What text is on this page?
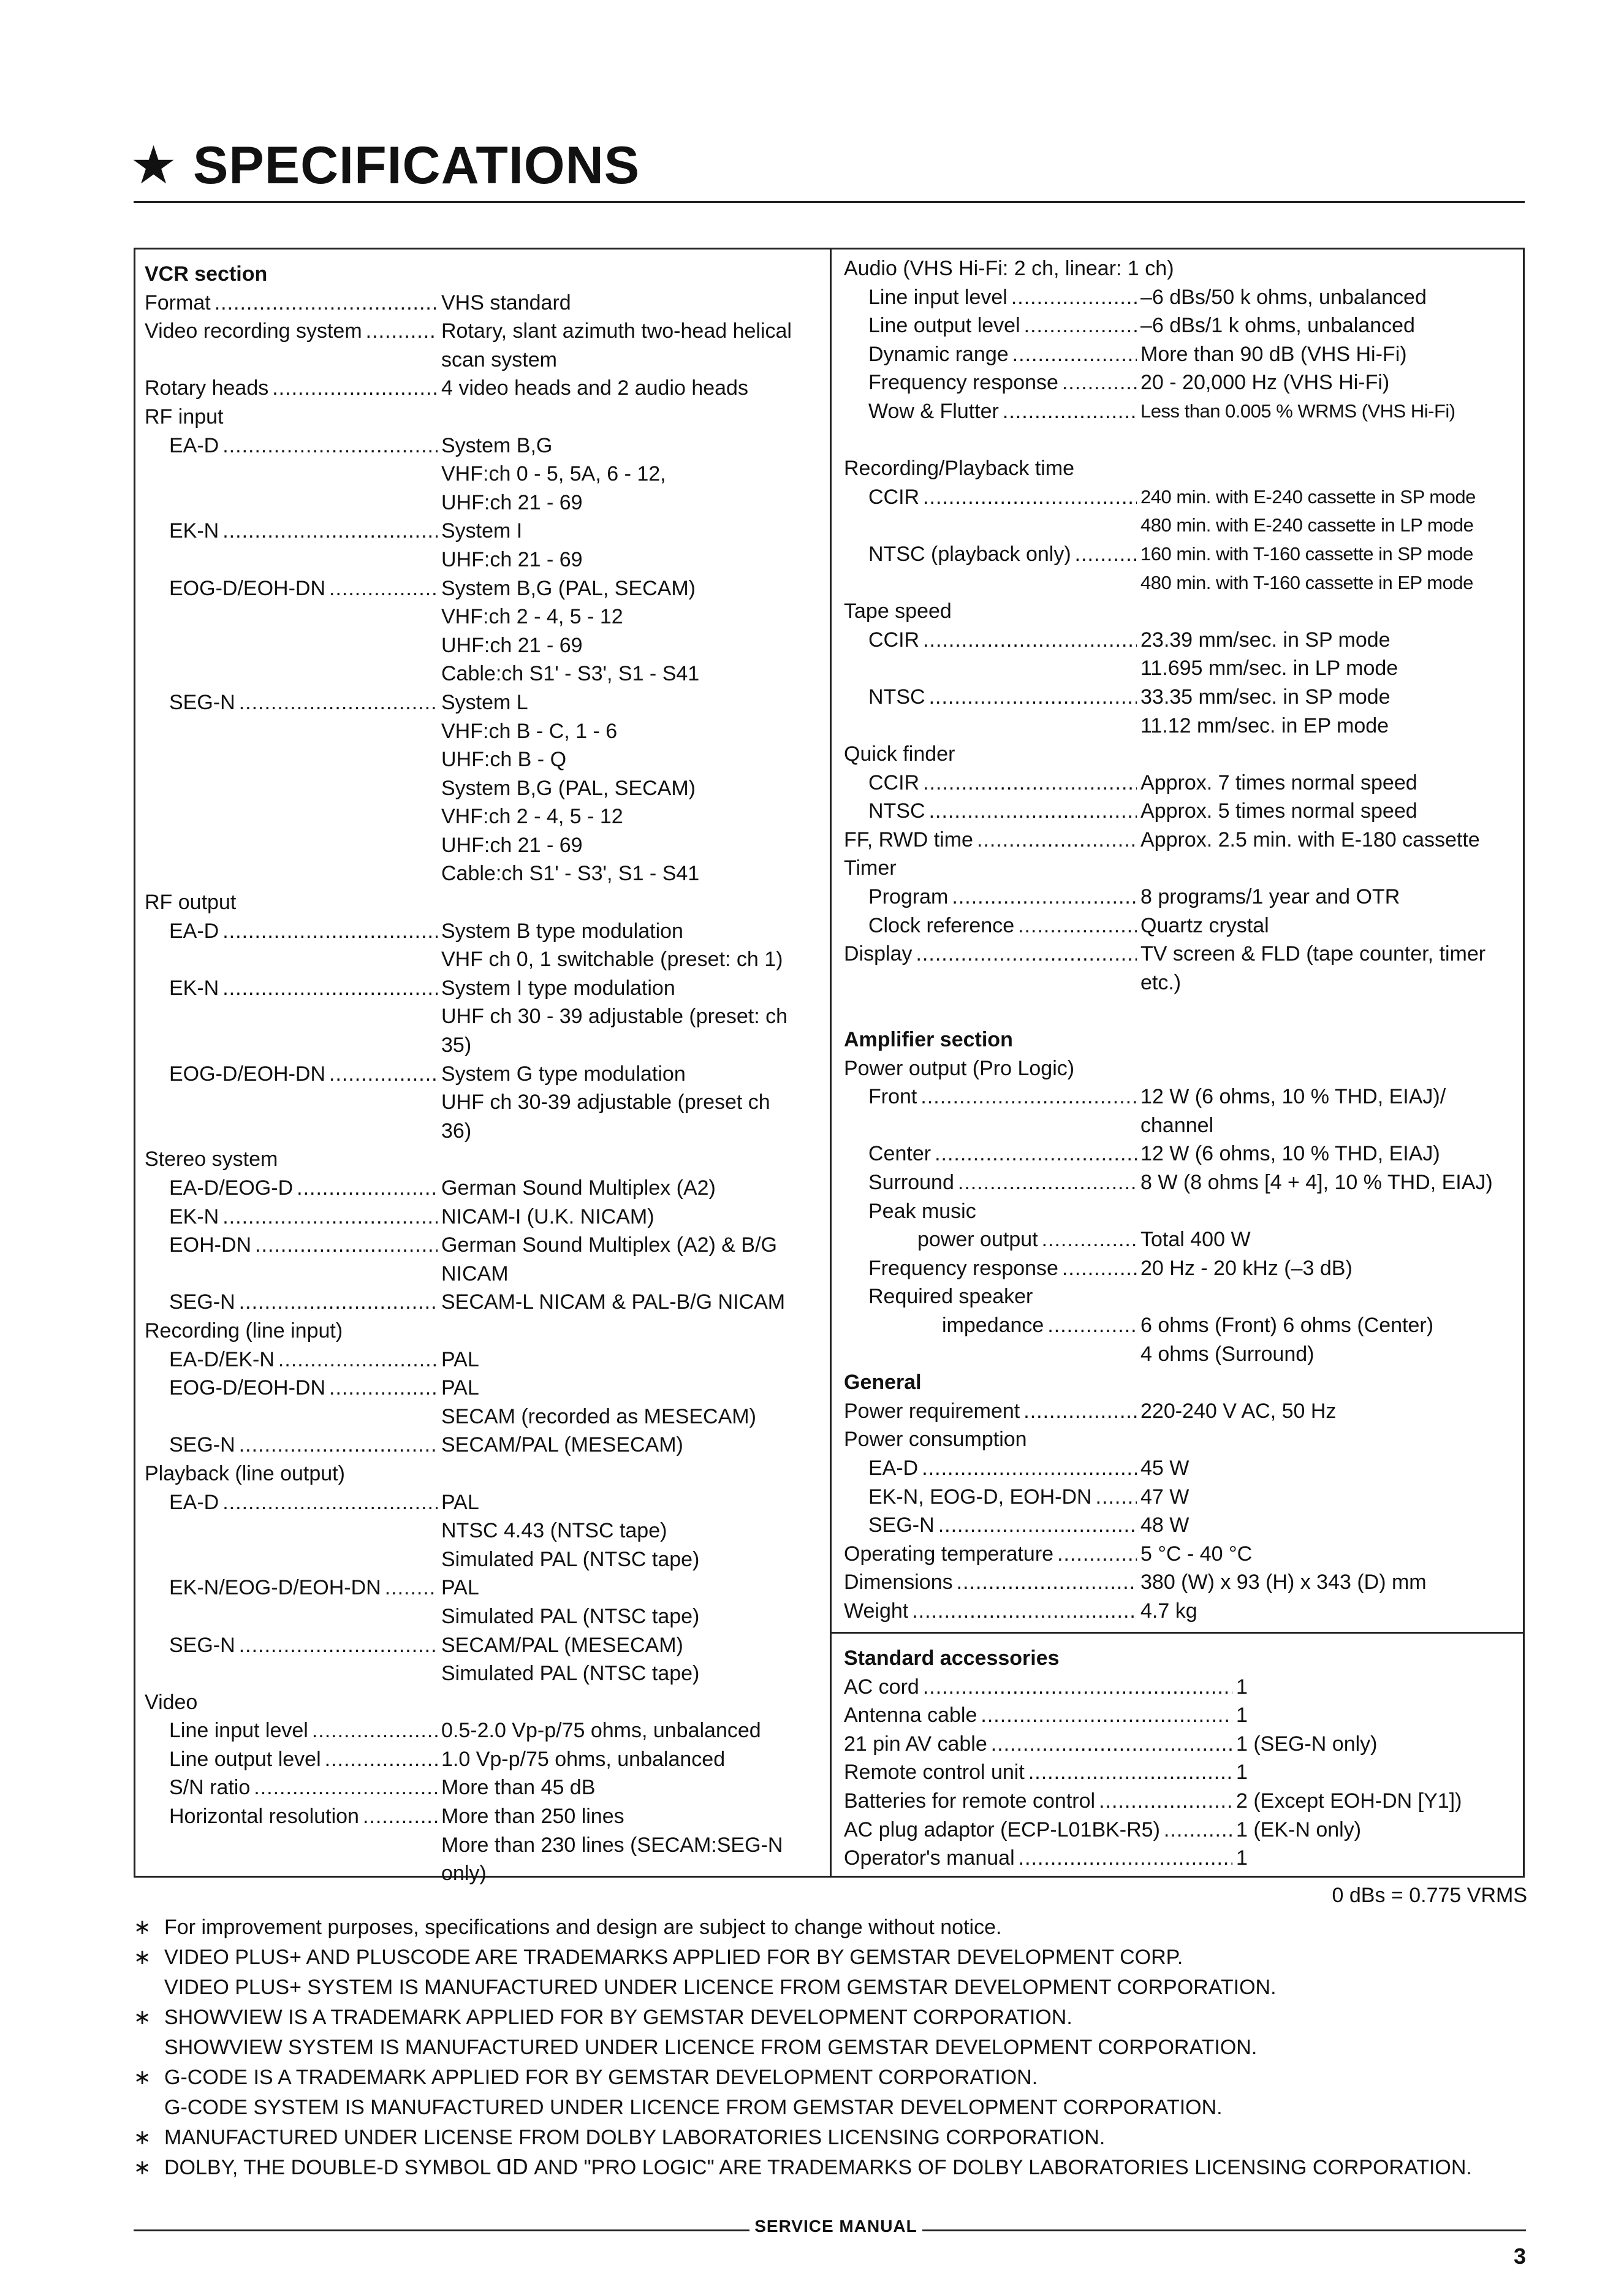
★ SPECIFICATIONS
VCR section
Format .....	VHS standard
Video recording system .....	Rotary, slant azimuth two-head helical
scan system
Rotary heads .....	4 video heads and 2 audio heads
RF input
EA-D .....	System B,G
VHF:ch 0 - 5, 5A, 6 - 12,
UHF:ch 21 - 69
EK-N .....	System I
UHF:ch 21 - 69
EOG-D/EOH-DN .....	System B,G (PAL, SECAM)
VHF:ch 2 - 4, 5 - 12
UHF:ch 21 - 69
Cable:ch S1' - S3', S1 - S41
SEG-N .....	System L
VHF:ch B - C, 1 - 6
UHF:ch B - Q
System B,G (PAL, SECAM)
VHF:ch 2 - 4, 5 - 12
UHF:ch 21 - 69
Cable:ch S1' - S3', S1 - S41
RF output
EA-D .....	System B type modulation
VHF ch 0, 1 switchable (preset: ch 1)
EK-N .....	System I type modulation
UHF ch 30 - 39 adjustable (preset: ch
35)
EOG-D/EOH-DN .....	System G type modulation
UHF ch 30-39 adjustable (preset ch
36)
Stereo system
EA-D/EOG-D .....	German Sound Multiplex (A2)
EK-N .....	NICAM-I (U.K. NICAM)
EOH-DN .....	German Sound Multiplex (A2) & B/G
NICAM
SEG-N .....	SECAM-L NICAM & PAL-B/G NICAM
Recording (line input)
EA-D/EK-N .....	PAL
EOG-D/EOH-DN .....	PAL
SECAM (recorded as MESECAM)
SEG-N .....	SECAM/PAL (MESECAM)
Playback (line output)
EA-D .....	PAL
NTSC 4.43 (NTSC tape)
Simulated PAL (NTSC tape)
EK-N/EOG-D/EOH-DN .....	PAL
Simulated PAL (NTSC tape)
SEG-N .....	SECAM/PAL (MESECAM)
Simulated PAL (NTSC tape)
Video
Line input level .....	0.5-2.0 Vp-p/75 ohms, unbalanced
Line output level .....	1.0 Vp-p/75 ohms, unbalanced
S/N ratio .....	More than 45 dB
Horizontal resolution .....	More than 250 lines
More than 230 lines (SECAM:SEG-N
only)
Audio (VHS Hi-Fi: 2 ch, linear: 1 ch)
Line input level .....	–6 dBs/50 k ohms, unbalanced
Line output level .....	–6 dBs/1 k ohms, unbalanced
Dynamic range .....	More than 90 dB (VHS Hi-Fi)
Frequency response .....	20 - 20,000 Hz (VHS Hi-Fi)
Wow & Flutter .....	Less than 0.005 % WRMS (VHS Hi-Fi)
Recording/Playback time
CCIR .....	240 min. with E-240 cassette in SP mode
480 min. with E-240 cassette in LP mode
NTSC (playback only) .....	160 min. with T-160 cassette in SP mode
480 min. with T-160 cassette in EP mode
Tape speed
CCIR .....	23.39 mm/sec. in SP mode
11.695 mm/sec. in LP mode
NTSC .....	33.35 mm/sec. in SP mode
11.12 mm/sec. in EP mode
Quick finder
CCIR .....	Approx. 7 times normal speed
NTSC .....	Approx. 5 times normal speed
FF, RWD time .....	Approx. 2.5 min. with E-180 cassette
Timer
Program .....	8 programs/1 year and OTR
Clock reference .....	Quartz crystal
Display .....	TV screen & FLD (tape counter, timer
etc.)
Amplifier section
Power output (Pro Logic)
Front .....	12 W (6 ohms, 10 % THD, EIAJ)/
channel
Center .....	12 W (6 ohms, 10 % THD, EIAJ)
Surround .....	8 W (8 ohms [4 + 4], 10 % THD, EIAJ)
Peak music
power output .....	Total 400 W
Frequency response .....	20 Hz - 20 kHz (–3 dB)
Required speaker
impedance .....	6 ohms (Front) 6 ohms (Center)
4 ohms (Surround)
General
Power requirement .....	220-240 V AC, 50 Hz
Power consumption
EA-D .....	45 W
EK-N, EOG-D, EOH-DN ..... 47 W
SEG-N .....	48 W
Operating temperature .....	5 °C - 40 °C
Dimensions .....	380 (W) x 93 (H) x 343 (D) mm
Weight .....	4.7 kg
Standard accessories
AC cord .....	1
Antenna cable .....	1
21 pin AV cable .....	1 (SEG-N only)
Remote control unit .....	1
Batteries for remote control .....	2 (Except EOH-DN [Y1])
AC plug adaptor (ECP-L01BK-R5) .....	1 (EK-N only)
Operator's manual .....	1
0 dBs = 0.775 VRMS
∗ For improvement purposes, specifications and design are subject to change without notice.
∗ VIDEO PLUS+ AND PLUSCODE ARE TRADEMARKS APPLIED FOR BY GEMSTAR DEVELOPMENT CORP.
VIDEO PLUS+ SYSTEM IS MANUFACTURED UNDER LICENCE FROM GEMSTAR DEVELOPMENT CORPORATION.
∗ SHOWVIEW IS A TRADEMARK APPLIED FOR BY GEMSTAR DEVELOPMENT CORPORATION.
SHOWVIEW SYSTEM IS MANUFACTURED UNDER LICENCE FROM GEMSTAR DEVELOPMENT CORPORATION.
∗ G-CODE IS A TRADEMARK APPLIED FOR BY GEMSTAR DEVELOPMENT CORPORATION.
G-CODE SYSTEM IS MANUFACTURED UNDER LICENCE FROM GEMSTAR DEVELOPMENT CORPORATION.
∗ MANUFACTURED UNDER LICENSE FROM DOLBY LABORATORIES LICENSING CORPORATION.
∗ DOLBY, THE DOUBLE-D SYMBOL ᗡᗞ AND "PRO LOGIC" ARE TRADEMARKS OF DOLBY LABORATORIES LICENSING CORPORATION.
SERVICE MANUAL
3
